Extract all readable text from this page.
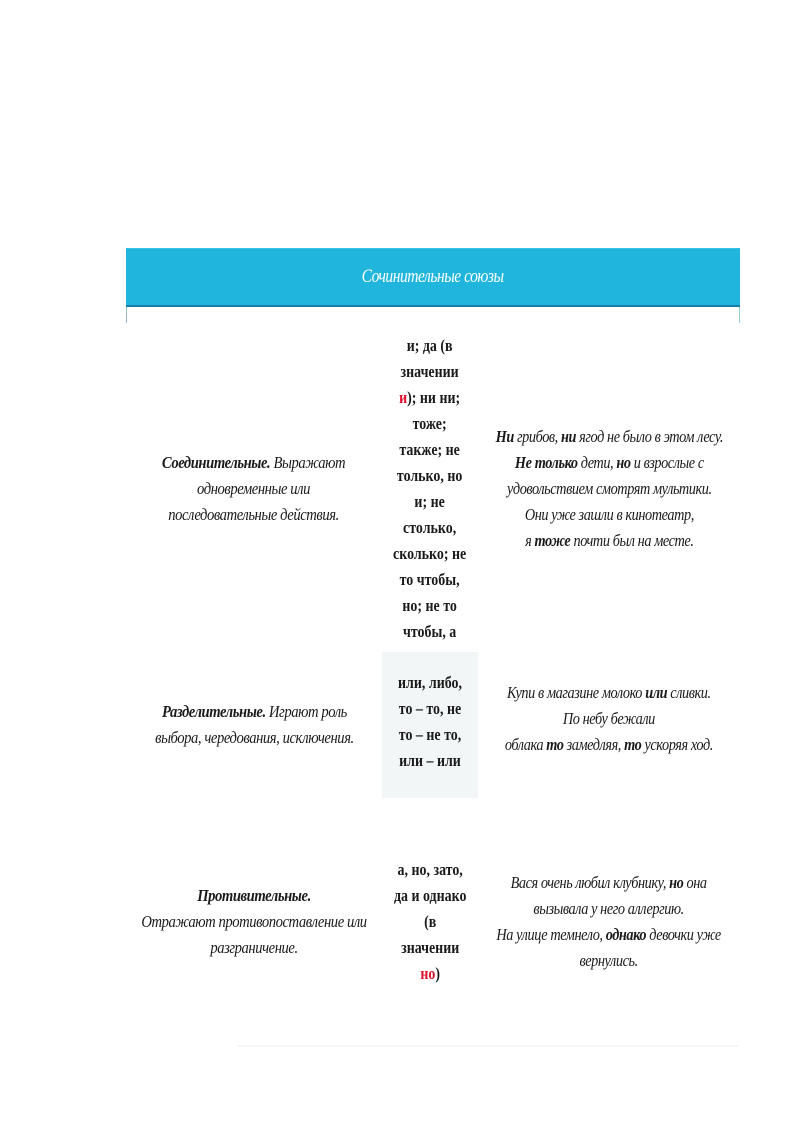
Сочинительные союзы
Соединительные. Выражают
одновременные или
последовательные действия.
и; да (в
значении
и); ни ни;
тоже;
также; не
только, но
и; не
столько,
сколько; не
то чтобы,
но; не то
чтобы, а
Ни грибов, ни ягод не было в этом лесу.
Не только дети, но и взрослые с
удовольствием смотрят мультики.
Они уже зашли в кинотеатр,
я тоже почти был на месте.
Разделительные. Играют роль
выбора, чередования, исключения.
или, либо,
то – то, не
то – не то,
или – или
Купи в магазине молоко или сливки.
По небу бежали
облака то замедляя, то ускоряя ход.
Противительные.
Отражают противопоставление или
разграничение.
а, но, зато,
да и однако
(в
значении
но)
Вася очень любил клубнику, но она
вызывала у него аллергию.
На улице темнело, однако девочки уже
вернулись.
